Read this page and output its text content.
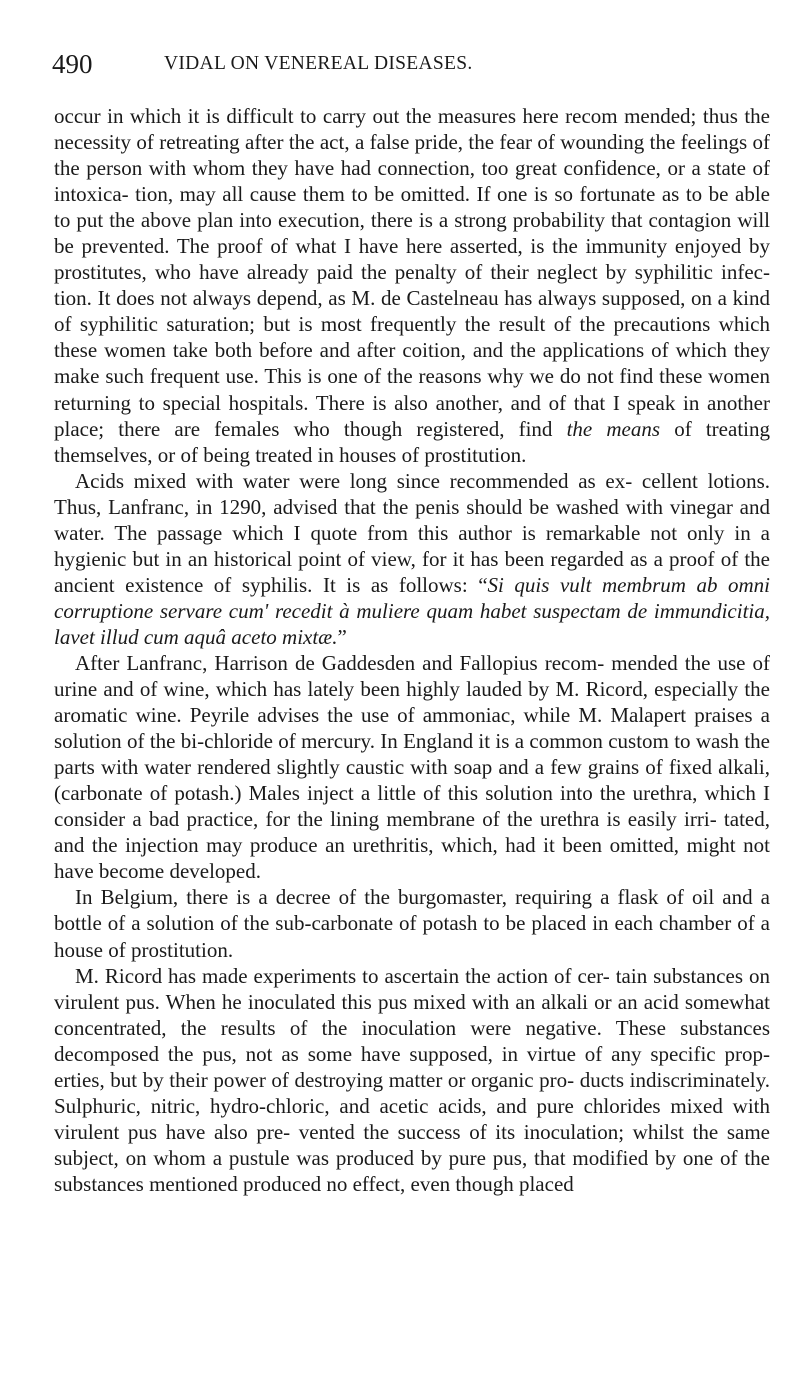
490	VIDAL ON VENEREAL DISEASES.

occur in which it is difficult to carry out the measures here recom mended; thus the necessity of retreating after the act, a false pride, the fear of wounding the feelings of the person with whom they have had connection, too great confidence, or a state of intoxica- tion, may all cause them to be omitted. If one is so fortunate as to be able to put the above plan into execution, there is a strong probability that contagion will be prevented. The proof of what I have here asserted, is the immunity enjoyed by prostitutes, who have already paid the penalty of their neglect by syphilitic infec- tion. It does not always depend, as M. de Castelneau has always supposed, on a kind of syphilitic saturation; but is most frequently the result of the precautions which these women take both before and after coition, and the applications of which they make such frequent use. This is one of the reasons why we do not find these women returning to special hospitals. There is also another, and of that I speak in another place; there are females who though registered, find the means of treating themselves, or of being treated in houses of prostitution.

Acids mixed with water were long since recommended as ex- cellent lotions. Thus, Lanfranc, in 1290, advised that the penis should be washed with vinegar and water. The passage which I quote from this author is remarkable not only in a hygienic but in an historical point of view, for it has been regarded as a proof of the ancient existence of syphilis. It is as follows: “Si quis vult membrum ab omni corruptione servare cum' recedit à muliere quam habet suspectam de immundicitia, lavet illud cum aquâ aceto mixtæ.”

After Lanfranc, Harrison de Gaddesden and Fallopius recom- mended the use of urine and of wine, which has lately been highly lauded by M. Ricord, especially the aromatic wine. Peyrile advises the use of ammoniac, while M. Malapert praises a solution of the bi-chloride of mercury. In England it is a common custom to wash the parts with water rendered slightly caustic with soap and a few grains of fixed alkali, (carbonate of potash.) Males inject a little of this solution into the urethra, which I consider a bad practice, for the lining membrane of the urethra is easily irri- tated, and the injection may produce an urethritis, which, had it been omitted, might not have become developed.

In Belgium, there is a decree of the burgomaster, requiring a flask of oil and a bottle of a solution of the sub-carbonate of potash to be placed in each chamber of a house of prostitution.

M. Ricord has made experiments to ascertain the action of cer- tain substances on virulent pus. When he inoculated this pus mixed with an alkali or an acid somewhat concentrated, the results of the inoculation were negative. These substances decomposed the pus, not as some have supposed, in virtue of any specific prop- erties, but by their power of destroying matter or organic pro- ducts indiscriminately. Sulphuric, nitric, hydro-chloric, and acetic acids, and pure chlorides mixed with virulent pus have also pre- vented the success of its inoculation; whilst the same subject, on whom a pustule was produced by pure pus, that modified by one of the substances mentioned produced no effect, even though placed
